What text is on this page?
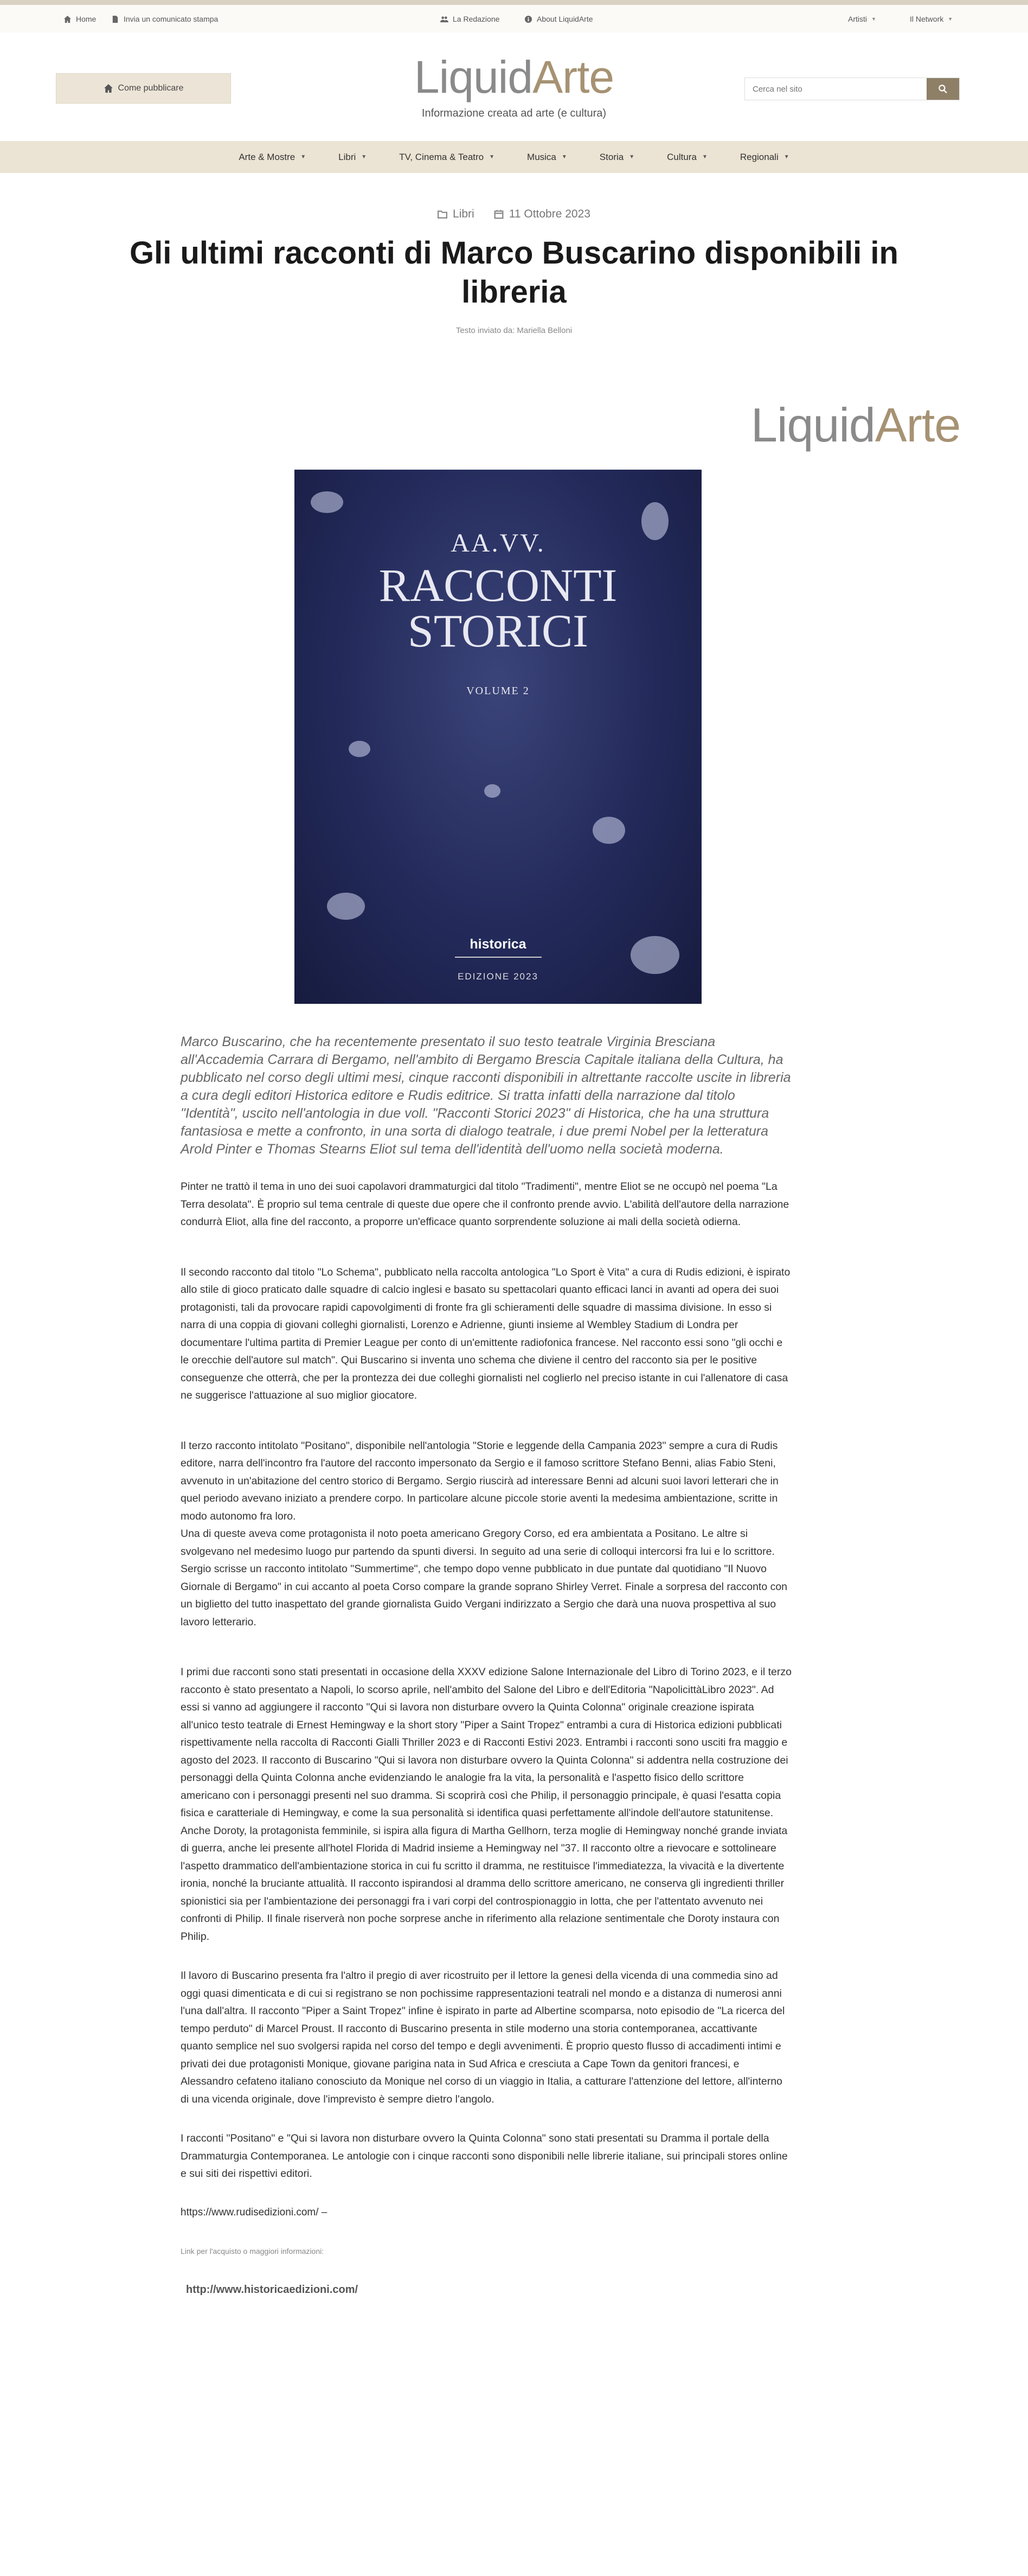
Home	Invia un comunicato stampa	La Redazione	About LiquidArte	Artisti ▼	Il Network ▼
Come pubblicare	LiquidArte
Informazione creata ad arte (e cultura)
Cerca nel sito
Arte & Mostre ▼	Libri ▼	TV, Cinema & Teatro ▼	Musica ▼	Storia ▼	Cultura ▼	Regionali ▼
Libri	11 Ottobre 2023
Gli ultimi racconti di Marco Buscarino disponibili in libreria
Testo inviato da: Mariella Belloni
LiquidArte
AA.VV.
RACCONTI
STORICI
VOLUME 2
historica
EDIZIONE 2023

Marco Buscarino, che ha recentemente presentato il suo testo teatrale Virginia Bresciana all'Accademia Carrara di Bergamo, nell'ambito di Bergamo Brescia Capitale italiana della Cultura, ha pubblicato nel corso degli ultimi mesi, cinque racconti disponibili in altrettante raccolte uscite in libreria a cura degli editori Historica editore e Rudis editrice. Si tratta infatti della narrazione dal titolo "Identità", uscito nell'antologia in due voll. "Racconti Storici 2023" di Historica, che ha una struttura fantasiosa e mette a confronto, in una sorta di dialogo teatrale, i due premi Nobel per la letteratura Arold Pinter e Thomas Stearns Eliot sul tema dell'identità dell'uomo nella società moderna.

Pinter ne trattò il tema in uno dei suoi capolavori drammaturgici dal titolo "Tradimenti", mentre Eliot se ne occupò nel poema "La Terra desolata". È proprio sul tema centrale di queste due opere che il confronto prende avvio. L'abilità dell'autore della narrazione condurrà Eliot, alla fine del racconto, a proporre un'efficace quanto sorprendente soluzione ai mali della società odierna.

Il secondo racconto dal titolo "Lo Schema", pubblicato nella raccolta antologica "Lo Sport è Vita" a cura di Rudis edizioni, è ispirato allo stile di gioco praticato dalle squadre di calcio inglesi e basato su spettacolari quanto efficaci lanci in avanti ad opera dei suoi protagonisti, tali da provocare rapidi capovolgimenti di fronte fra gli schieramenti delle squadre di massima divisione. In esso si narra di una coppia di giovani colleghi giornalisti, Lorenzo e Adrienne, giunti insieme al Wembley Stadium di Londra per documentare l'ultima partita di Premier League per conto di un'emittente radiofonica francese. Nel racconto essi sono "gli occhi e le orecchie dell'autore sul match". Qui Buscarino si inventa uno schema che diviene il centro del racconto sia per le positive conseguenze che otterrà, che per la prontezza dei due colleghi giornalisti nel coglierlo nel preciso istante in cui l'allenatore di casa ne suggerisce l'attuazione al suo miglior giocatore.

Il terzo racconto intitolato "Positano", disponibile nell'antologia "Storie e leggende della Campania 2023" sempre a cura di Rudis editore, narra dell'incontro fra l'autore del racconto impersonato da Sergio e il famoso scrittore Stefano Benni, alias Fabio Steni, avvenuto in un'abitazione del centro storico di Bergamo. Sergio riuscirà ad interessare Benni ad alcuni suoi lavori letterari che in quel periodo avevano iniziato a prendere corpo. In particolare alcune piccole storie aventi la medesima ambientazione, scritte in modo autonomo fra loro.

Una di queste aveva come protagonista il noto poeta americano Gregory Corso, ed era ambientata a Positano. Le altre si svolgevano nel medesimo luogo pur partendo da spunti diversi. In seguito ad una serie di colloqui intercorsi fra lui e lo scrittore. Sergio scrisse un racconto intitolato "Summertime", che tempo dopo venne pubblicato in due puntate dal quotidiano "Il Nuovo Giornale di Bergamo" in cui accanto al poeta Corso compare la grande soprano Shirley Verret. Finale a sorpresa del racconto con un biglietto del tutto inaspettato del grande giornalista Guido Vergani indirizzato a Sergio che darà una nuova prospettiva al suo lavoro letterario.

I primi due racconti sono stati presentati in occasione della XXXV edizione Salone Internazionale del Libro di Torino 2023, e il terzo racconto è stato presentato a Napoli, lo scorso aprile, nell'ambito del Salone del Libro e dell'Editoria "NapolicittàLibro 2023". Ad essi si vanno ad aggiungere il racconto "Qui si lavora non disturbare ovvero la Quinta Colonna" originale creazione ispirata all'unico testo teatrale di Ernest Hemingway e la short story "Piper a Saint Tropez" entrambi a cura di Historica edizioni pubblicati rispettivamente nella raccolta di Racconti Gialli Thriller 2023 e di Racconti Estivi 2023. Entrambi i racconti sono usciti fra maggio e agosto del 2023. Il racconto di Buscarino "Qui si lavora non disturbare ovvero la Quinta Colonna" si addentra nella costruzione dei personaggi della Quinta Colonna anche evidenziando le analogie fra la vita, la personalità e l'aspetto fisico dello scrittore americano con i personaggi presenti nel suo dramma. Si scoprirà così che Philip, il personaggio principale, è quasi l'esatta copia fisica e caratteriale di Hemingway, e come la sua personalità si identifica quasi perfettamente all'indole dell'autore statunitense. Anche Doroty, la protagonista femminile, si ispira alla figura di Martha Gellhorn, terza moglie di Hemingway nonché grande inviata di guerra, anche lei presente all'hotel Florida di Madrid insieme a Hemingway nel "37. Il racconto oltre a rievocare e sottolineare l'aspetto drammatico dell'ambientazione storica in cui fu scritto il dramma, ne restituisce l'immediatezza, la vivacità e la divertente ironia, nonché la bruciante attualità. Il racconto ispirandosi al dramma dello scrittore americano, ne conserva gli ingredienti thriller spionistici sia per l'ambientazione dei personaggi fra i vari corpi del controspionaggio in lotta, che per l'attentato avvenuto nei confronti di Philip. Il finale riserverà non poche sorprese anche in riferimento alla relazione sentimentale che Doroty instaura con Philip.

Il lavoro di Buscarino presenta fra l'altro il pregio di aver ricostruito per il lettore la genesi della vicenda di una commedia sino ad oggi quasi dimenticata e di cui si registrano se non pochissime rappresentazioni teatrali nel mondo e a distanza di numerosi anni l'una dall'altra. Il racconto "Piper a Saint Tropez" infine è ispirato in parte ad Albertine scomparsa, noto episodio de "La ricerca del tempo perduto" di Marcel Proust. Il racconto di Buscarino presenta in stile moderno una storia contemporanea, accattivante quanto semplice nel suo svolgersi rapida nel corso del tempo e degli avvenimenti. È proprio questo flusso di accadimenti intimi e privati dei due protagonisti Monique, giovane parigina nata in Sud Africa e cresciuta a Cape Town da genitori francesi, e Alessandro cefateno italiano conosciuto da Monique nel corso di un viaggio in Italia, a catturare l'attenzione del lettore, all'interno di una vicenda originale, dove l'imprevisto è sempre dietro l'angolo.

I racconti "Positano" e "Qui si lavora non disturbare ovvero la Quinta Colonna" sono stati presentati su Dramma il portale della Drammaturgia Contemporanea. Le antologie con i cinque racconti sono disponibili nelle librerie italiane, sui principali stores online e sui siti dei rispettivi editori.

https://www.rudisedizioni.com/ –
Link per l'acquisto o maggiori informazioni:
http://www.historicaedizioni.com/
